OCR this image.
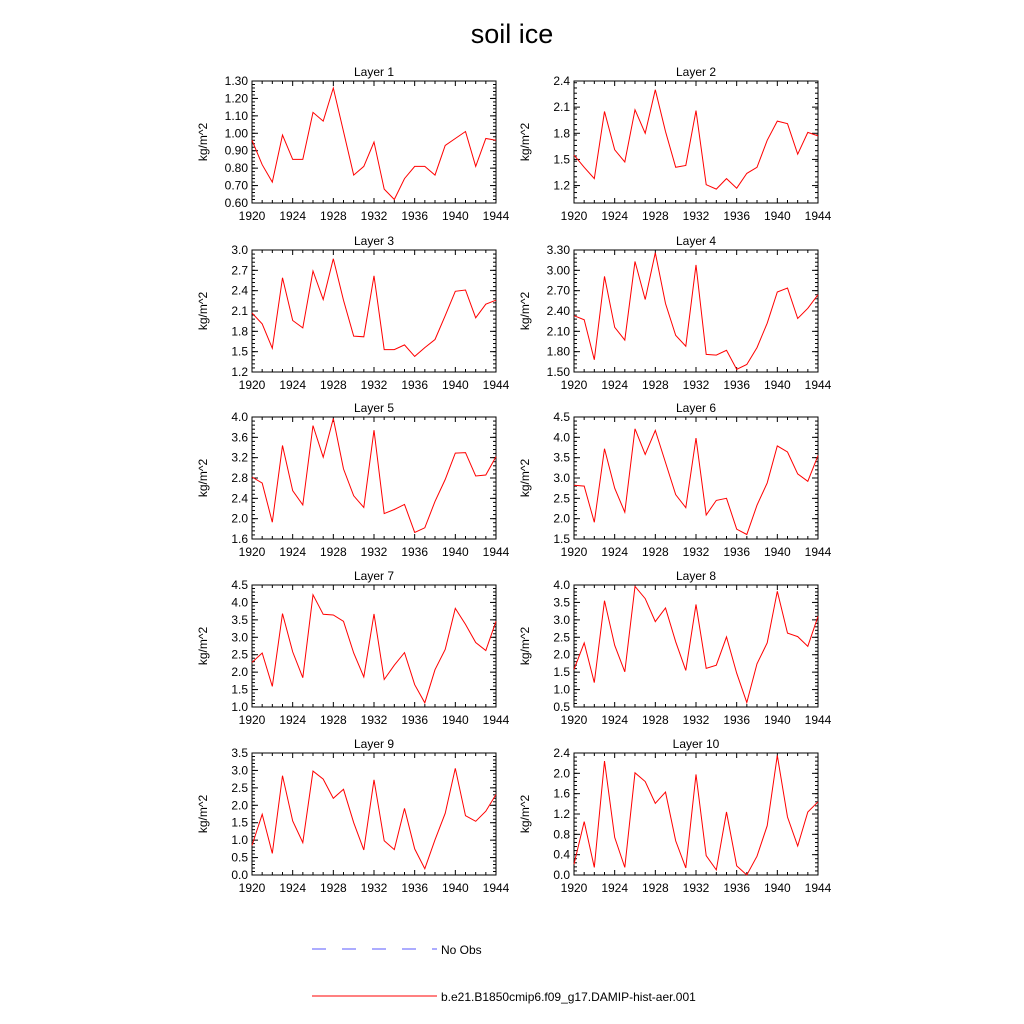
soil ice
Layer 1
kg/m^2
1920 1924 1928 1932 1936 1940 1944
0.60
0.70
0.80
0.90
1.00
1.10
1.20
1.30
Layer 2
kg/m^2
1920 1924 1928 1932 1936 1940 1944
1.2
1.5
1.8
2.1
2.4
Layer 3
kg/m^2
1920 1924 1928 1932 1936 1940 1944
1.2
1.5
1.8
2.1
2.4
2.7
3.0
Layer 4
kg/m^2
1920 1924 1928 1932 1936 1940 1944
1.50
1.80
2.10
2.40
2.70
3.00
3.30
Layer 5
kg/m^2
1920 1924 1928 1932 1936 1940 1944
1.6
2.0
2.4
2.8
3.2
3.6
4.0
Layer 6
kg/m^2
1920 1924 1928 1932 1936 1940 1944
1.5
2.0
2.5
3.0
3.5
4.0
4.5
Layer 7
kg/m^2
1920 1924 1928 1932 1936 1940 1944
1.0
1.5
2.0
2.5
3.0
3.5
4.0
4.5
Layer 8
kg/m^2
1920 1924 1928 1932 1936 1940 1944
0.5
1.0
1.5
2.0
2.5
3.0
3.5
4.0
Layer 9
kg/m^2
1920 1924 1928 1932 1936 1940 1944
0.0
0.5
1.0
1.5
2.0
2.5
3.0
3.5
Layer 10
kg/m^2
1920 1924 1928 1932 1936 1940 1944
0.0
0.4
0.8
1.2
1.6
2.0
2.4
No Obs
b.e21.B1850cmip6.f09_g17.DAMIP-hist-aer.001
